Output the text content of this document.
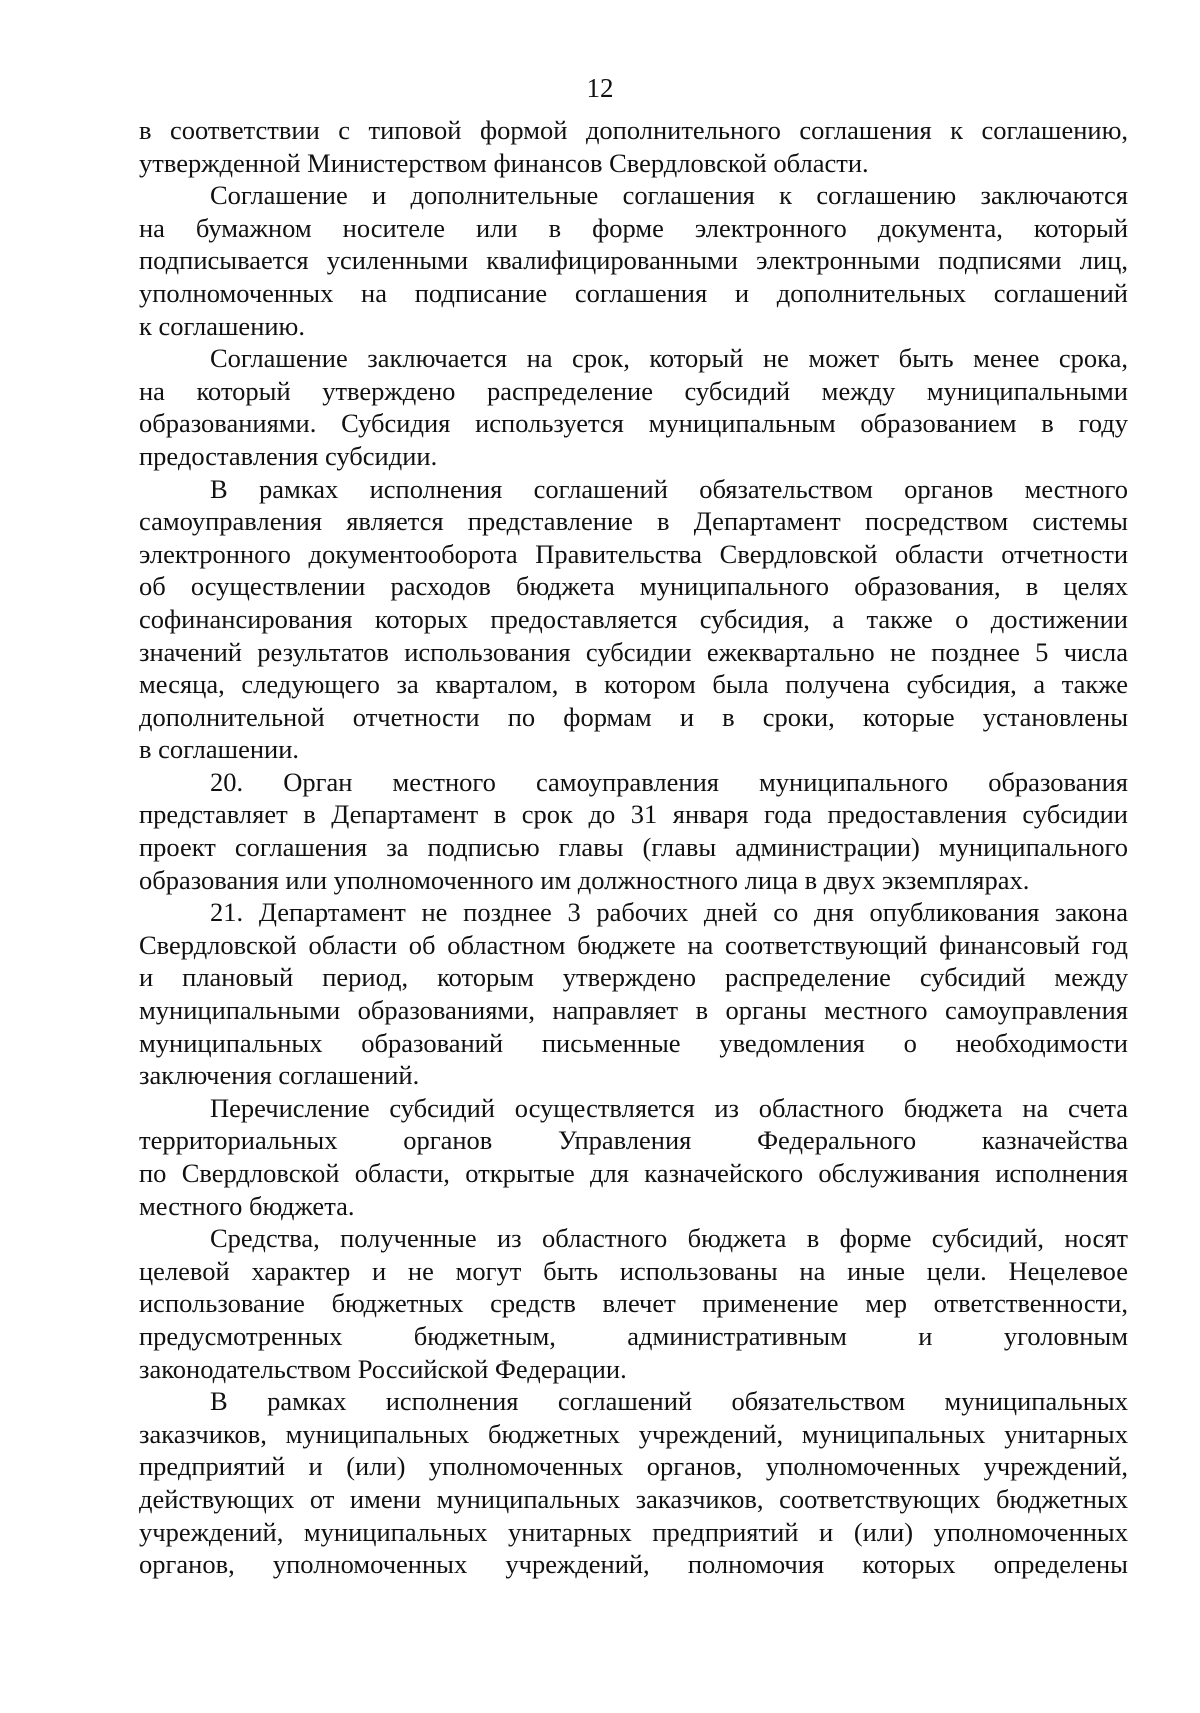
12
в соответствии с типовой формой дополнительного соглашения к соглашению,
утвержденной Министерством финансов Свердловской области.
Соглашение и дополнительные соглашения к соглашению заключаются
на бумажном носителе или в форме электронного документа, который
подписывается усиленными квалифицированными электронными подписями лиц,
уполномоченных на подписание соглашения и дополнительных соглашений
к соглашению.
Соглашение заключается на срок, который не может быть менее срока,
на который утверждено распределение субсидий между муниципальными
образованиями. Субсидия используется муниципальным образованием в году
предоставления субсидии.
В рамках исполнения соглашений обязательством органов местного
самоуправления является представление в Департамент посредством системы
электронного документооборота Правительства Свердловской области отчетности
об осуществлении расходов бюджета муниципального образования, в целях
софинансирования которых предоставляется субсидия, а также о достижении
значений результатов использования субсидии ежеквартально не позднее 5 числа
месяца, следующего за кварталом, в котором была получена субсидия, а также
дополнительной отчетности по формам и в сроки, которые установлены
в соглашении.
20. Орган местного самоуправления муниципального образования
представляет в Департамент в срок до 31 января года предоставления субсидии
проект соглашения за подписью главы (главы администрации) муниципального
образования или уполномоченного им должностного лица в двух экземплярах.
21. Департамент не позднее 3 рабочих дней со дня опубликования закона
Свердловской области об областном бюджете на соответствующий финансовый год
и плановый период, которым утверждено распределение субсидий между
муниципальными образованиями, направляет в органы местного самоуправления
муниципальных образований письменные уведомления о необходимости
заключения соглашений.
Перечисление субсидий осуществляется из областного бюджета на счета
территориальных органов Управления Федерального казначейства
по Свердловской области, открытые для казначейского обслуживания исполнения
местного бюджета.
Средства, полученные из областного бюджета в форме субсидий, носят
целевой характер и не могут быть использованы на иные цели. Нецелевое
использование бюджетных средств влечет применение мер ответственности,
предусмотренных бюджетным, административным и уголовным
законодательством Российской Федерации.
В рамках исполнения соглашений обязательством муниципальных
заказчиков, муниципальных бюджетных учреждений, муниципальных унитарных
предприятий и (или) уполномоченных органов, уполномоченных учреждений,
действующих от имени муниципальных заказчиков, соответствующих бюджетных
учреждений, муниципальных унитарных предприятий и (или) уполномоченных
органов, уполномоченных учреждений, полномочия которых определены
